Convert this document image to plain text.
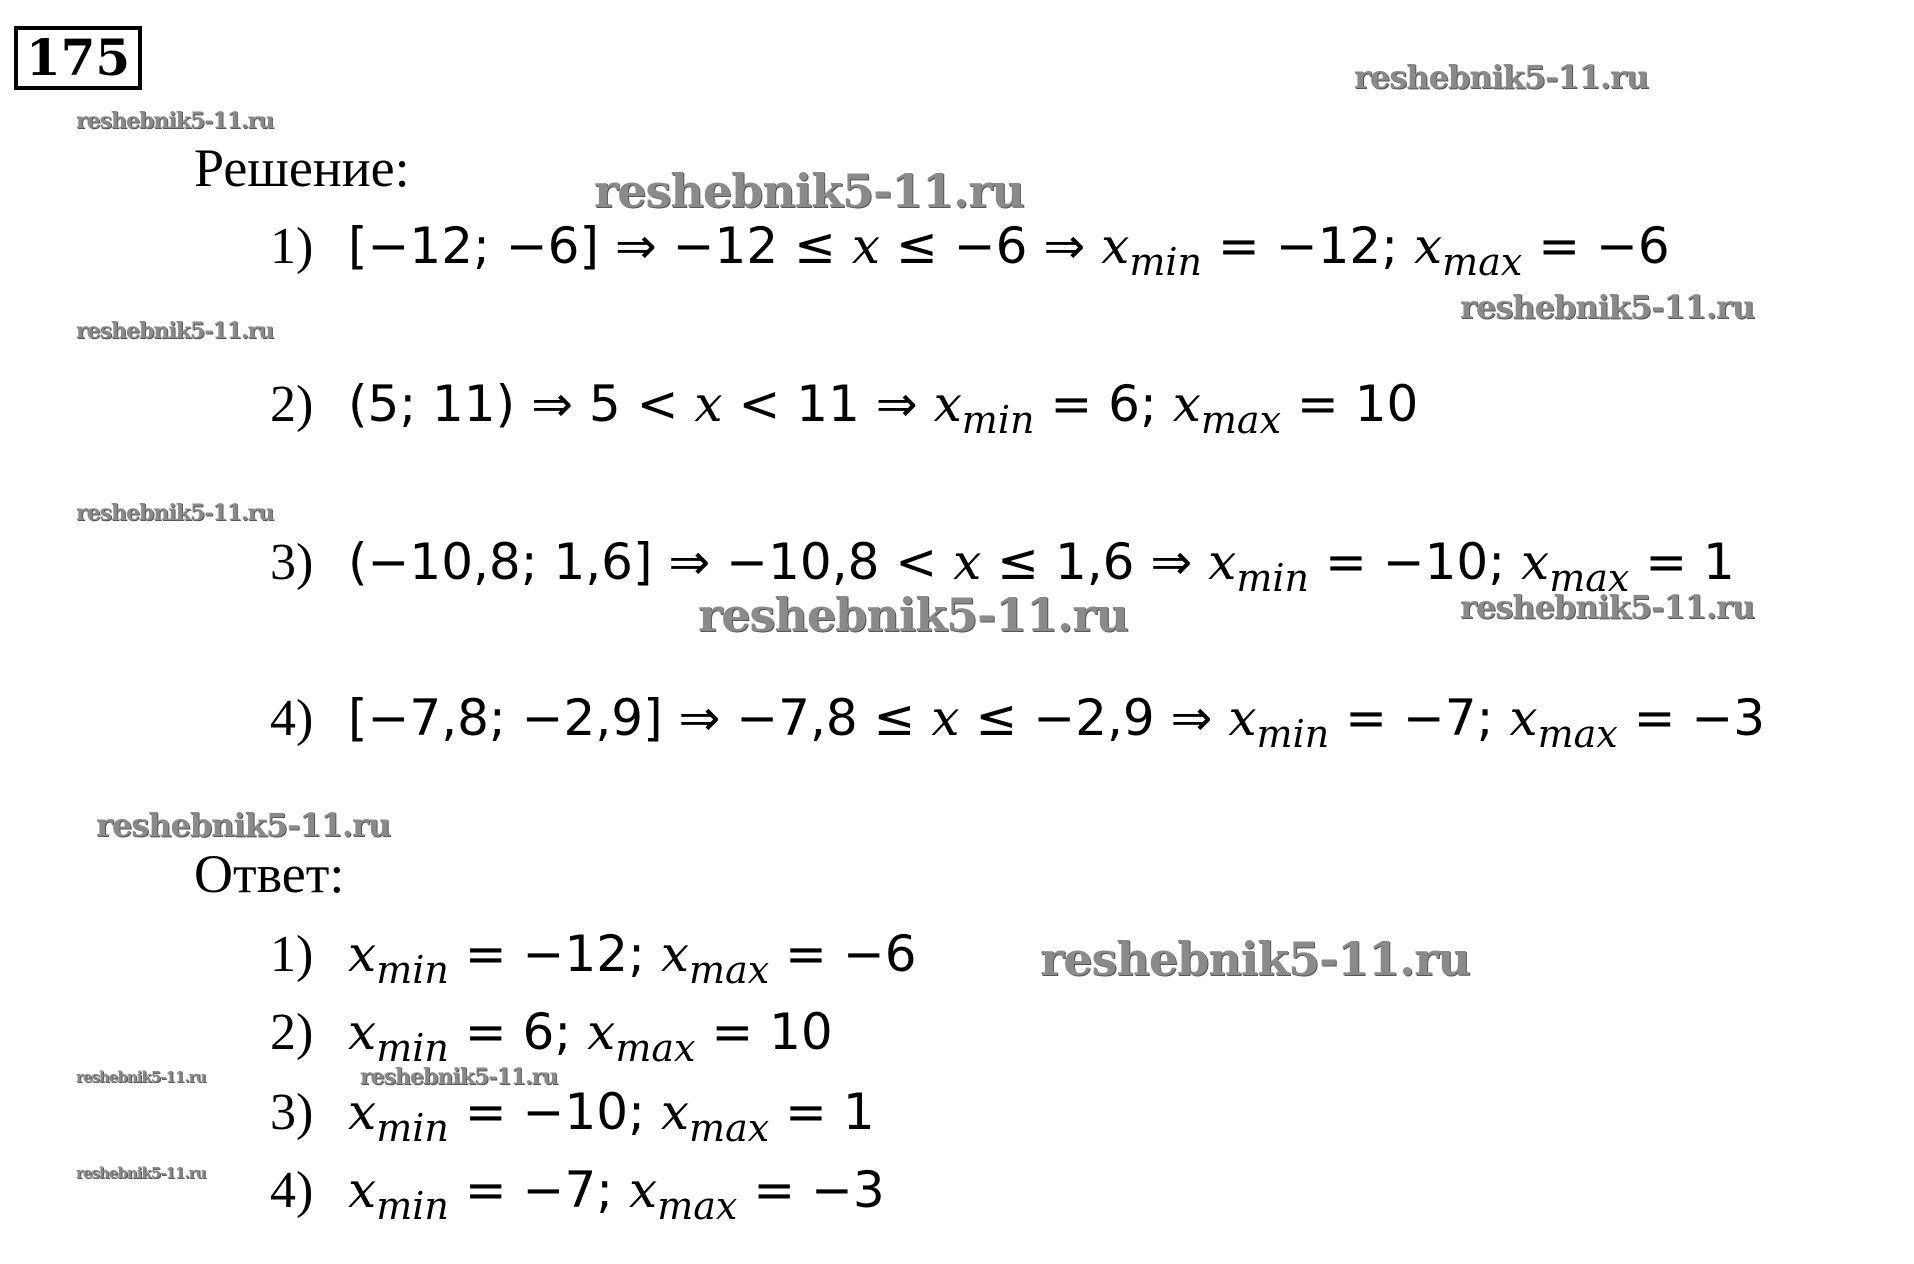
175	reshebnik5-11.ru
reshebnik5-11.ru
reshebnik5-11.ru
reshebnik5-11.ru
reshebnik5-11.ru
reshebnik5-11.ru
reshebnik5-11.ru	reshebnik5-11.ru
reshebnik5-11.ru
reshebnik5-11.ru
reshebnik5-11.ru	reshebnik5-11.ru
reshebnik5-11.ru
Решение:
1) [−12; −6] ⇒ −12 ≤ x ≤ −6 ⇒ $x_{min} = -12$; $x_{max} = -6$
2) (5; 11) ⇒ 5 < x < 11 ⇒ $x_{min} = 6$; $x_{max} = 10$
3) (−10,8; 1,6] ⇒ −10,8 < x ≤ 1,6 ⇒ $x_{min} = -10$; $x_{max} = 1$
4) [−7,8; −2,9] ⇒ −7,8 ≤ x ≤ −2,9 ⇒ $x_{min} = -7$; $x_{max} = -3$
Ответ:
1) $x_{min} = -12$; $x_{max} = -6$
2) $x_{min} = 6$; $x_{max} = 10$
3) $x_{min} = -10$; $x_{max} = 1$
4) $x_{min} = -7$; $x_{max} = -3$
